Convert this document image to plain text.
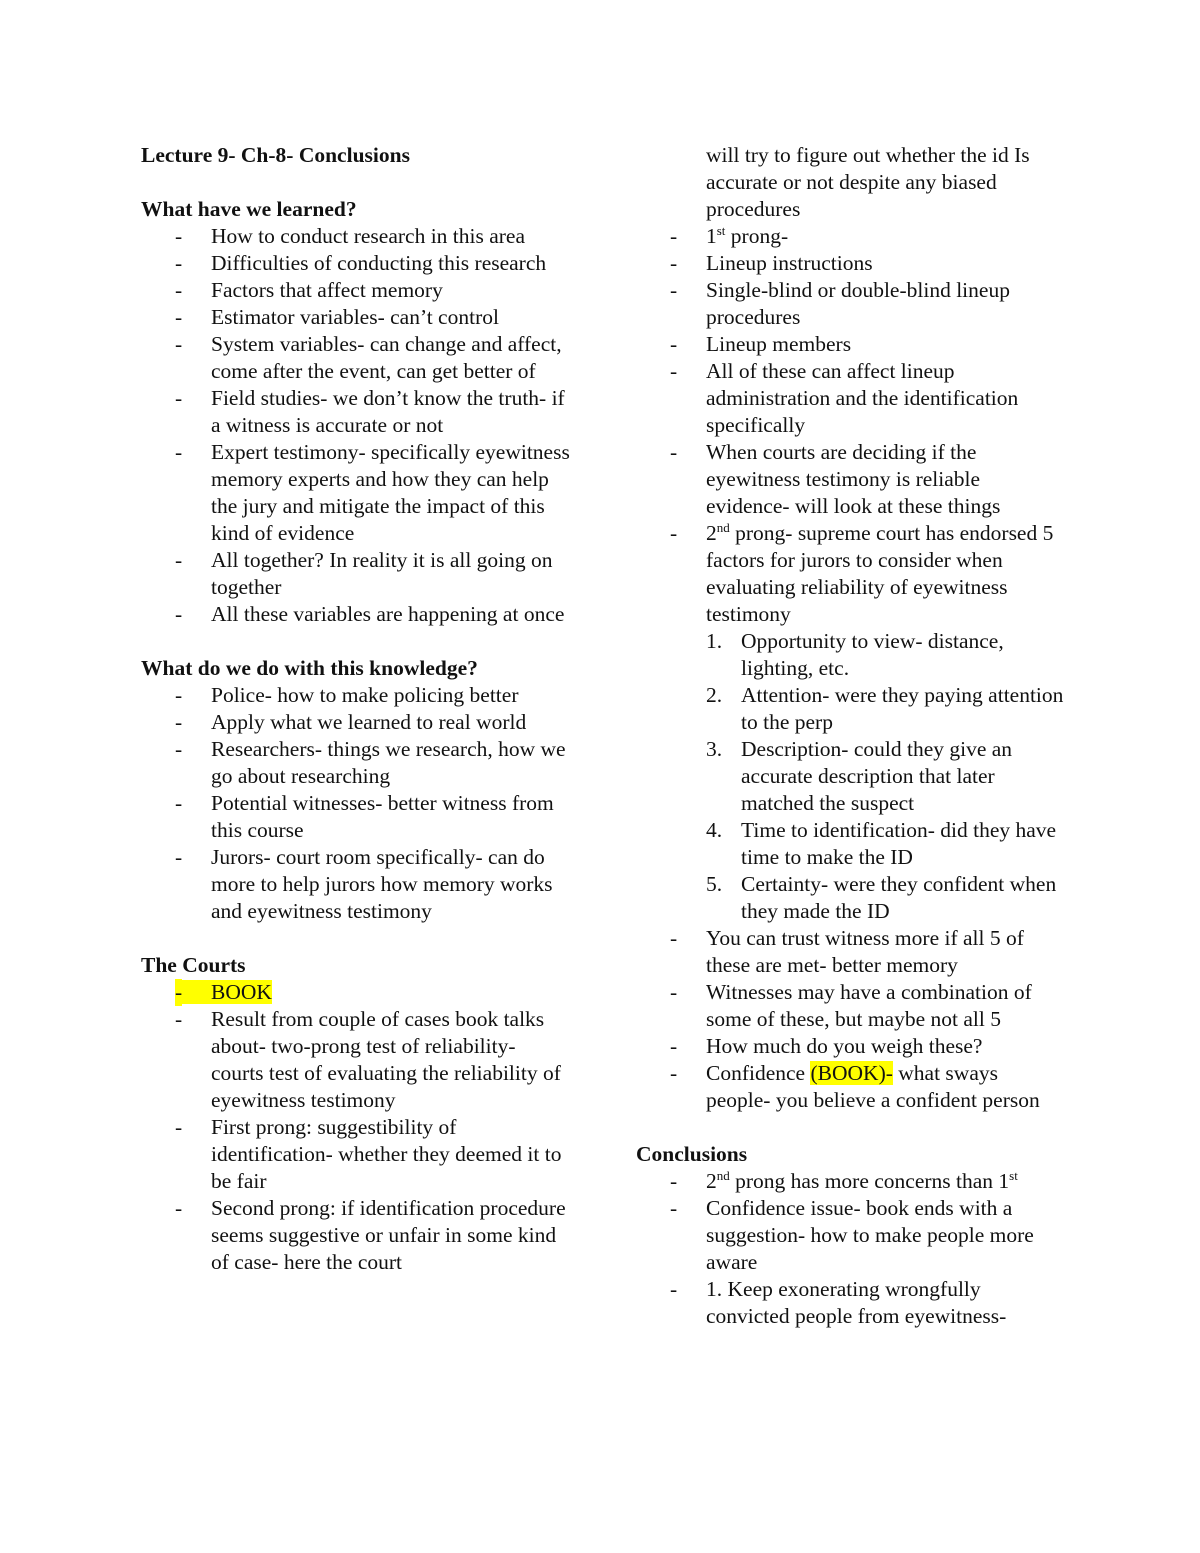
Lecture 9- Ch-8- Conclusions
What have we learned?
- How to conduct research in this area
- Difficulties of conducting this research
- Factors that affect memory
- Estimator variables- can’t control
- System variables- can change and affect, come after the event, can get better of
- Field studies- we don’t know the truth- if a witness is accurate or not
- Expert testimony- specifically eyewitness memory experts and how they can help the jury and mitigate the impact of this kind of evidence
- All together? In reality it is all going on together
- All these variables are happening at once
What do we do with this knowledge?
- Police- how to make policing better
- Apply what we learned to real world
- Researchers- things we research, how we go about researching
- Potential witnesses- better witness from this course
- Jurors- court room specifically- can do more to help jurors how memory works and eyewitness testimony
The Courts
- BOOK
- Result from couple of cases book talks about- two-prong test of reliability- courts test of evaluating the reliability of eyewitness testimony
- First prong: suggestibility of identification- whether they deemed it to be fair
- Second prong: if identification procedure seems suggestive or unfair in some kind of case- here the court
will try to figure out whether the id Is accurate or not despite any biased procedures
- 1st prong-
- Lineup instructions
- Single-blind or double-blind lineup procedures
- Lineup members
- All of these can affect lineup administration and the identification specifically
- When courts are deciding if the eyewitness testimony is reliable evidence- will look at these things
- 2nd prong- supreme court has endorsed 5 factors for jurors to consider when evaluating reliability of eyewitness testimony
1. Opportunity to view- distance, lighting, etc.
2. Attention- were they paying attention to the perp
3. Description- could they give an accurate description that later matched the suspect
4. Time to identification- did they have time to make the ID
5. Certainty- were they confident when they made the ID
- You can trust witness more if all 5 of these are met- better memory
- Witnesses may have a combination of some of these, but maybe not all 5
- How much do you weigh these?
- Confidence (BOOK)- what sways people- you believe a confident person
Conclusions
- 2nd prong has more concerns than 1st
- Confidence issue- book ends with a suggestion- how to make people more aware
- 1. Keep exonerating wrongfully convicted people from eyewitness-
